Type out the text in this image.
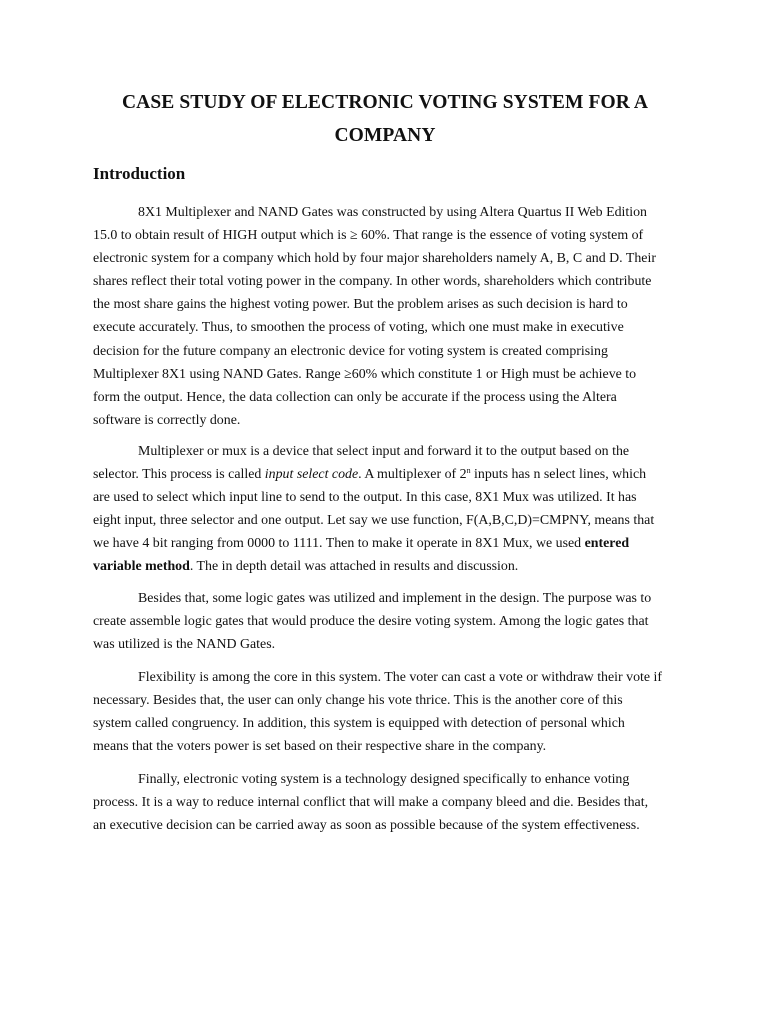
CASE STUDY OF ELECTRONIC VOTING SYSTEM FOR A COMPANY
Introduction
8X1 Multiplexer and NAND Gates was constructed by using Altera Quartus II Web Edition
15.0 to obtain result of HIGH output which is ≥ 60%. That range is the essence of voting system of
electronic system for a company which hold by four major shareholders namely A, B, C and D. Their
shares reflect their total voting power in the company. In other words, shareholders which contribute
the most share gains the highest voting power. But the problem arises as such decision is hard to
execute accurately. Thus, to smoothen the process of voting, which one must make in executive
decision for the future company an electronic device for voting system is created comprising
Multiplexer 8X1 using NAND Gates. Range ≥60% which constitute 1 or High must be achieve to
form the output. Hence, the data collection can only be accurate if the process using the Altera
software is correctly done.
Multiplexer or mux is a device that select input and forward it to the output based on the
selector. This process is called input select code. A multiplexer of 2$^n$ inputs has n select lines, which
are used to select which input line to send to the output. In this case, 8X1 Mux was utilized. It has
eight input, three selector and one output. Let say we use function, F(A,B,C,D)=CMPNY, means that
we have 4 bit ranging from 0000 to 1111. Then to make it operate in 8X1 Mux, we used entered
variable method. The in depth detail was attached in results and discussion.
Besides that, some logic gates was utilized and implement in the design. The purpose was to
create assemble logic gates that would produce the desire voting system. Among the logic gates that
was utilized is the NAND Gates.
Flexibility is among the core in this system. The voter can cast a vote or withdraw their vote if
necessary. Besides that, the user can only change his vote thrice. This is the another core of this
system called congruency. In addition, this system is equipped with detection of personal which
means that the voters power is set based on their respective share in the company.
Finally, electronic voting system is a technology designed specifically to enhance voting
process. It is a way to reduce internal conflict that will make a company bleed and die. Besides that,
an executive decision can be carried away as soon as possible because of the system effectiveness.
